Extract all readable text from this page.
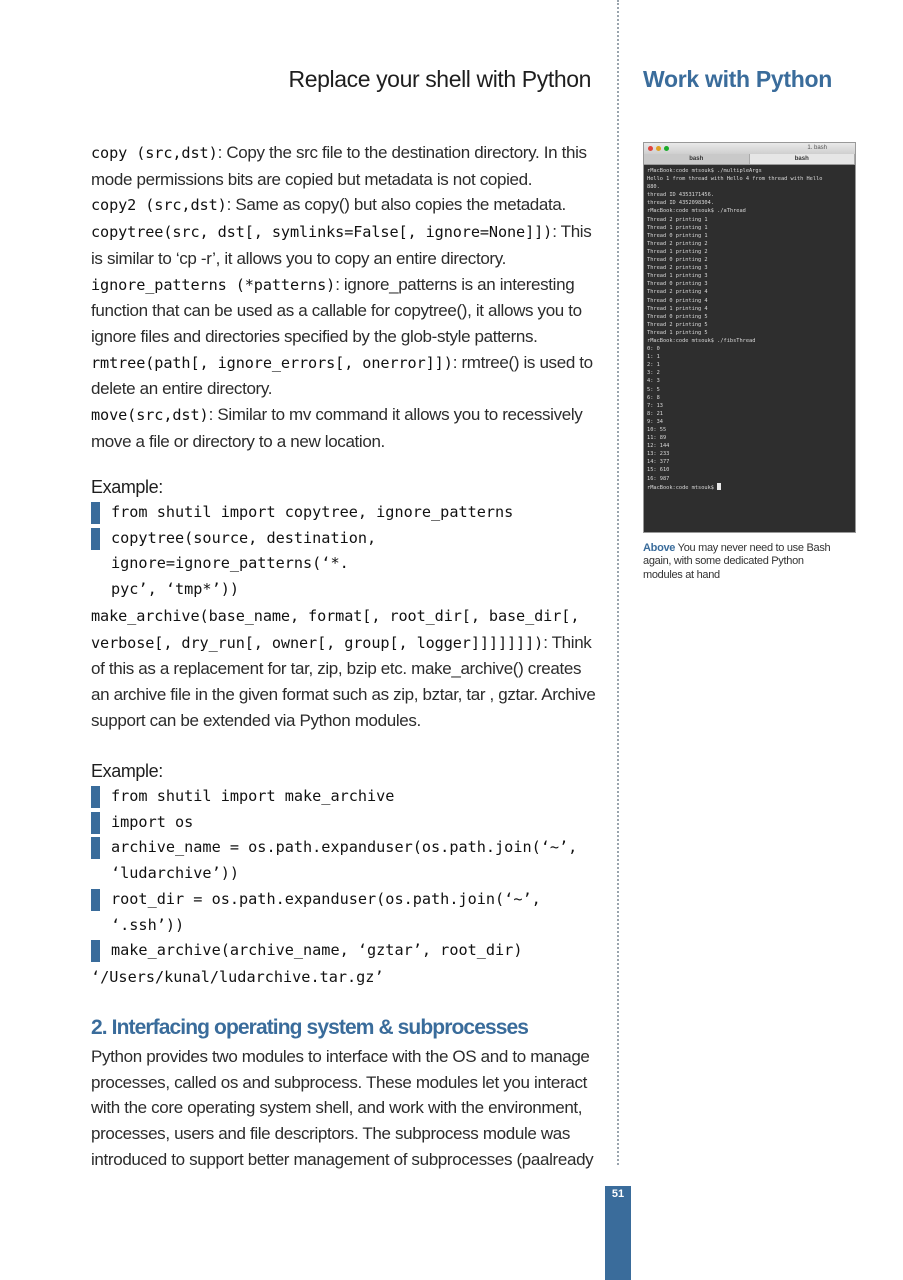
Replace your shell with Python Work with Python

copy (src,dst): Copy the src file to the destination directory. In this mode permissions bits are copied but metadata is not copied.

copy2 (src,dst): Same as copy() but also copies the metadata.

copytree(src, dst[, symlinks=False[, ignore=None]]): This is similar to ‘cp -r’, it allows you to copy an entire directory.

ignore_patterns (*patterns): ignore_patterns is an interesting function that can be used as a callable for copytree(), it allows you to ignore files and directories specified by the glob-style patterns.

rmtree(path[, ignore_errors[, onerror]]): rmtree() is used to delete an entire directory.

move(src,dst): Similar to mv command it allows you to recessively move a file or directory to a new location.

Example:

from shutil import copytree, ignore_patterns
copytree(source, destination, ignore=ignore_patterns(‘*.
pyc’, ‘tmp*’))

make_archive(base_name, format[, root_dir[, base_dir[, verbose[, dry_run[, owner[, group[, logger]]]]]]]): Think of this as a replacement for tar, zip, bzip etc. make_archive() creates an archive file in the given format such as zip, bztar, tar , gztar. Archive support can be extended via Python modules.

Example:

from shutil import make_archive
import os
archive_name = os.path.expanduser(os.path.join(‘~’,
‘ludarchive’))
root_dir = os.path.expanduser(os.path.join(‘~’, ‘.ssh’))
make_archive(archive_name, ‘gztar’, root_dir)

‘/Users/kunal/ludarchive.tar.gz’

2. Interfacing operating system & subprocesses

Python provides two modules to interface with the OS and to manage processes, called os and subprocess. These modules let you interact with the core operating system shell, and work with the environment, processes, users and file descriptors. The subprocess module was introduced to support better management of subprocesses (paalready

1. bash
bash	bash
rMacBook:code mtsouk$ ./multipleArgs
Hello 1 from thread with Hello 4 from thread with Hello
880.
thread ID 4353171456.
thread ID 4352098304.
rMacBook:code mtsouk$ ./aThread
Thread 2 printing 1
Thread 1 printing 1
Thread 0 printing 1
Thread 2 printing 2
Thread 1 printing 2
Thread 0 printing 2
Thread 2 printing 3
Thread 1 printing 3
Thread 0 printing 3
Thread 2 printing 4
Thread 0 printing 4
Thread 1 printing 4
Thread 0 printing 5
Thread 2 printing 5
Thread 1 printing 5
rMacBook:code mtsouk$ ./fibsThread
0: 0
1: 1
2: 1
3: 2
4: 3
5: 5
6: 8
7: 13
8: 21
9: 34
10: 55
11: 89
12: 144
13: 233
14: 377
15: 610
16: 987
rMacBook:code mtsouk$
Above You may never need to use Bash again, with some dedicated Python modules at hand
51
